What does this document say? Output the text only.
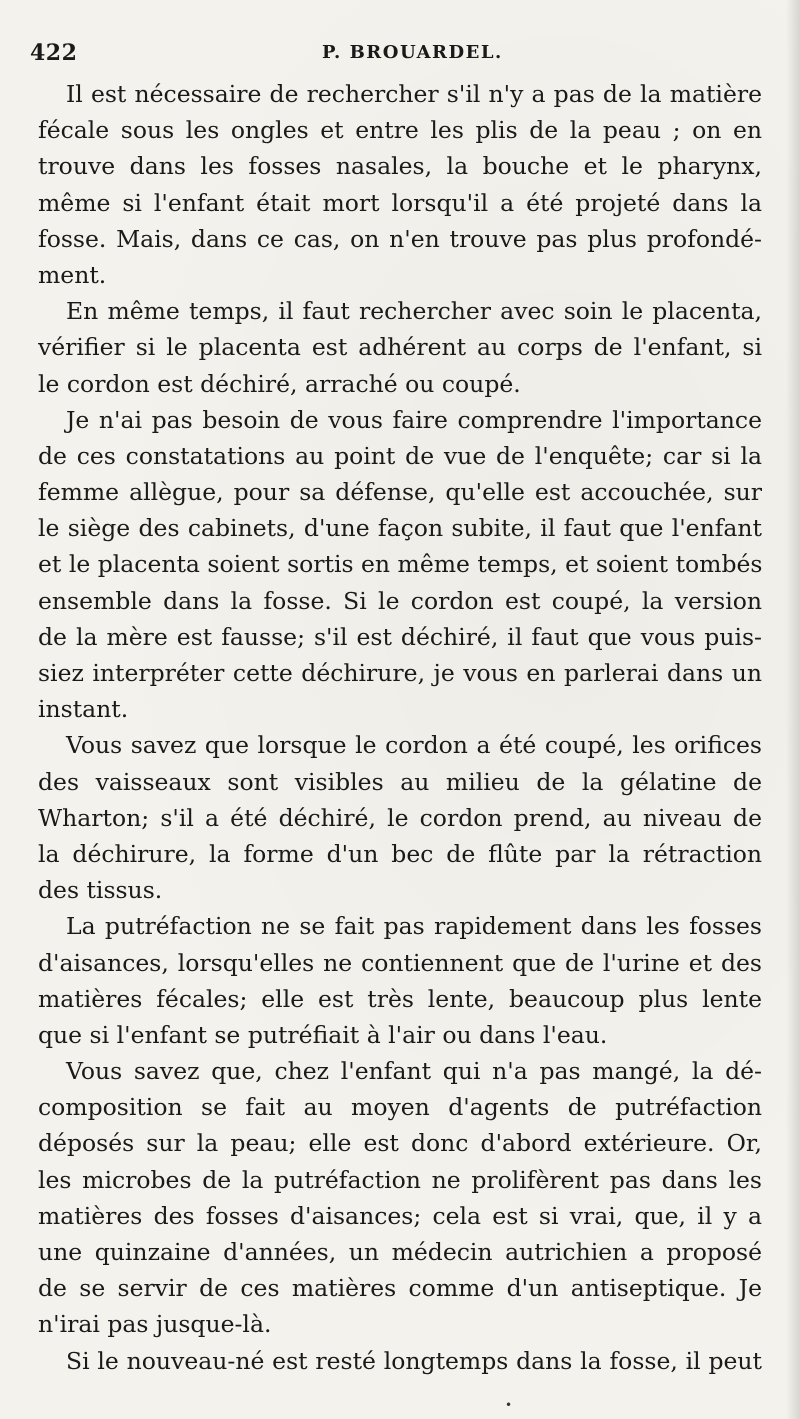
422	P. BROUARDEL.
Il est nécessaire de rechercher s'il n'y a pas de la matière
fécale sous les ongles et entre les plis de la peau ; on en
trouve dans les fosses nasales, la bouche et le pharynx,
même si l'enfant était mort lorsqu'il a été projeté dans la
fosse. Mais, dans ce cas, on n'en trouve pas plus profondé-
ment.
En même temps, il faut rechercher avec soin le placenta,
vérifier si le placenta est adhérent au corps de l'enfant, si
le cordon est déchiré, arraché ou coupé.
Je n'ai pas besoin de vous faire comprendre l'importance
de ces constatations au point de vue de l'enquête; car si la
femme allègue, pour sa défense, qu'elle est accouchée, sur
le siège des cabinets, d'une façon subite, il faut que l'enfant
et le placenta soient sortis en même temps, et soient tombés
ensemble dans la fosse. Si le cordon est coupé, la version
de la mère est fausse; s'il est déchiré, il faut que vous puis-
siez interpréter cette déchirure, je vous en parlerai dans un
instant.
Vous savez que lorsque le cordon a été coupé, les orifices
des vaisseaux sont visibles au milieu de la gélatine de
Wharton; s'il a été déchiré, le cordon prend, au niveau de
la déchirure, la forme d'un bec de flûte par la rétraction
des tissus.
La putréfaction ne se fait pas rapidement dans les fosses
d'aisances, lorsqu'elles ne contiennent que de l'urine et des
matières fécales; elle est très lente, beaucoup plus lente
que si l'enfant se putréfiait à l'air ou dans l'eau.
Vous savez que, chez l'enfant qui n'a pas mangé, la dé-
composition se fait au moyen d'agents de putréfaction
déposés sur la peau; elle est donc d'abord extérieure. Or,
les microbes de la putréfaction ne prolifèrent pas dans les
matières des fosses d'aisances; cela est si vrai, que, il y a
une quinzaine d'années, un médecin autrichien a proposé
de se servir de ces matières comme d'un antiseptique. Je
n'irai pas jusque-là.
Si le nouveau-né est resté longtemps dans la fosse, il peut
•
